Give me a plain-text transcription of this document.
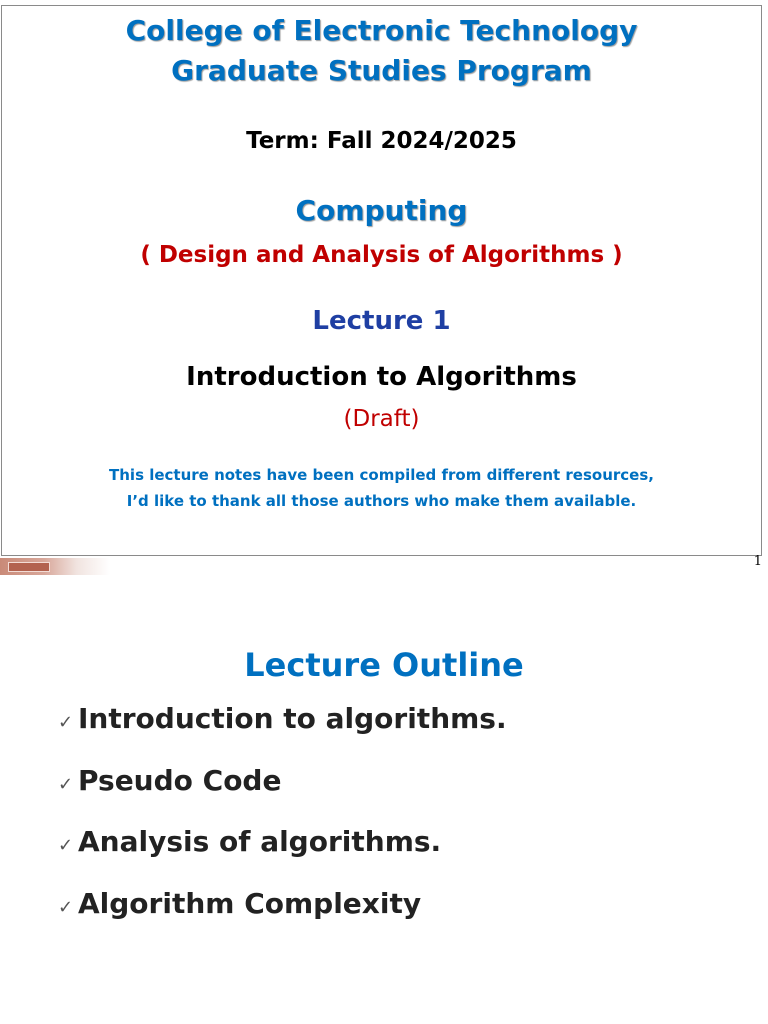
College of Electronic Technology
Graduate Studies Program
Term: Fall 2024/2025
Computing
( Design and Analysis of Algorithms )
Lecture 1
Introduction to Algorithms
(Draft)
This lecture notes have been compiled from different resources,
I’d like to thank all those authors who make them available.
1
Lecture Outline
✓ Introduction to algorithms.
✓ Pseudo Code
✓ Analysis of algorithms.
✓ Algorithm Complexity
